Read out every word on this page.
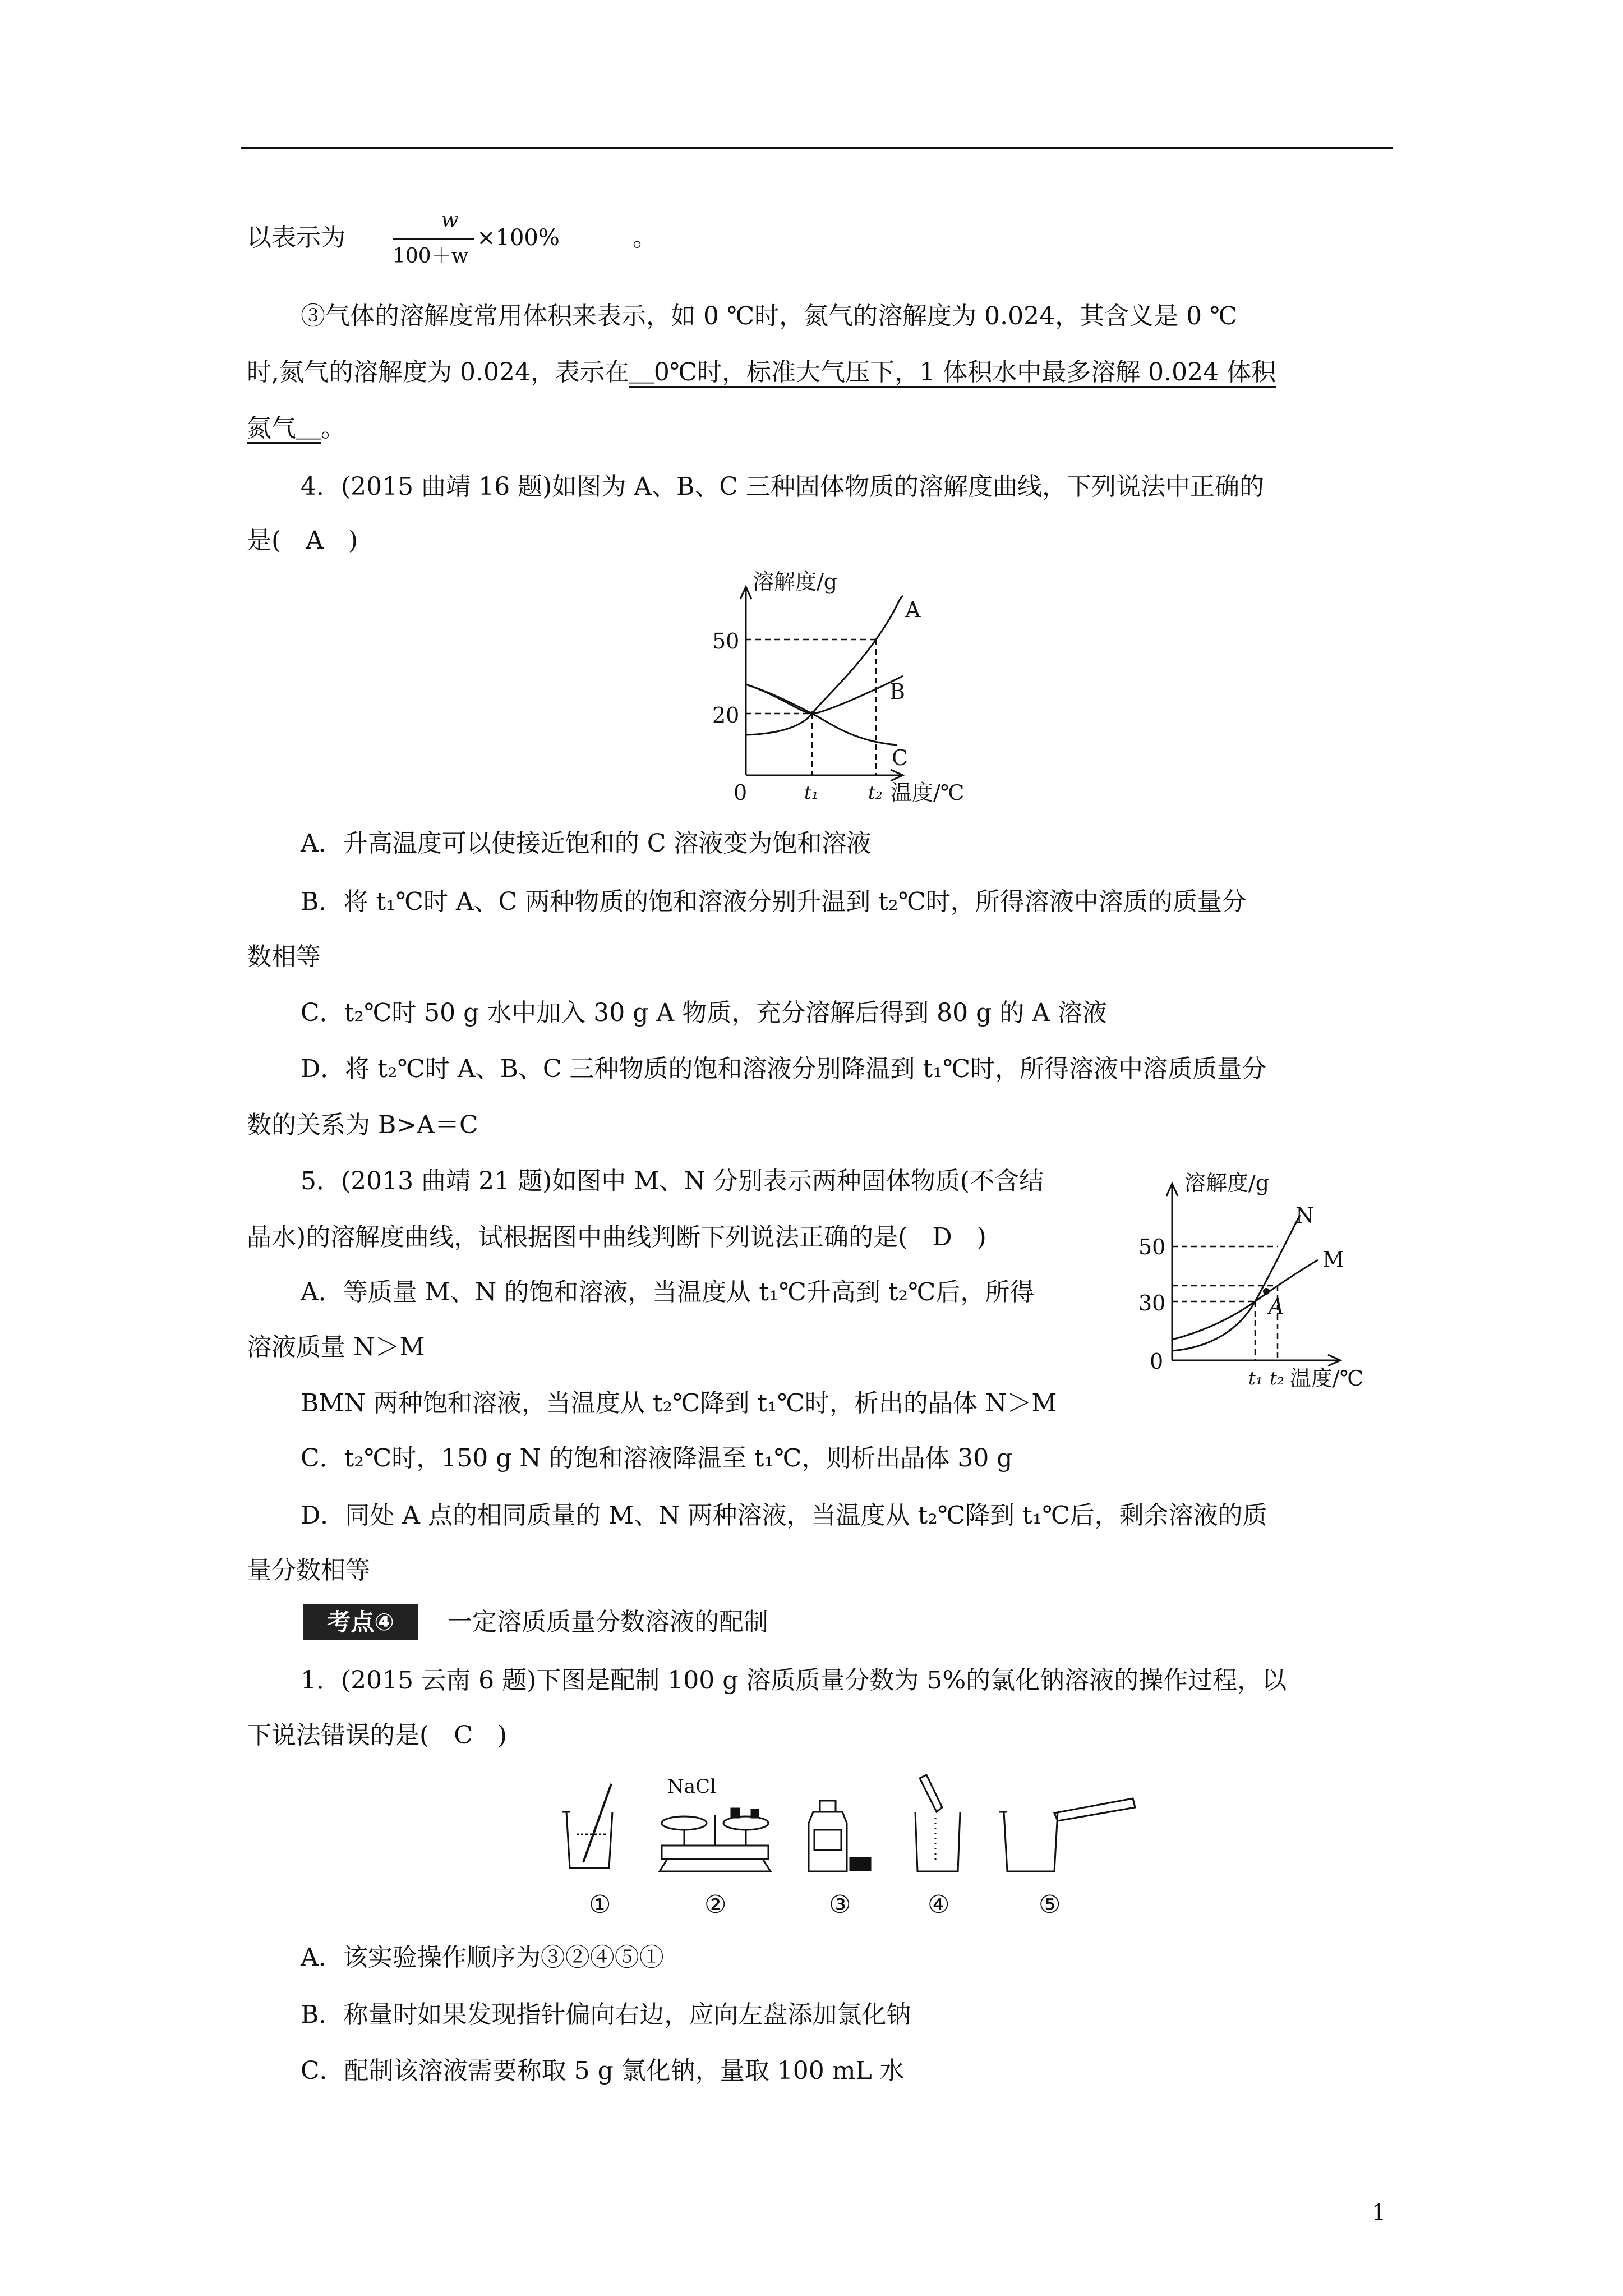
以表示为
w
100＋w
×100%	。
③气体的溶解度常用体积来表示，如 0 ℃时，氮气的溶解度为 0.024，其含义是 0 ℃
时,氮气的溶解度为 0.024，表示在＿0℃时，标准大气压下，1 体积水中最多溶解 0.024 体积
氮气＿。
4．(2015 曲靖 16 题)如图为 A、B、C 三种固体物质的溶解度曲线，下列说法中正确的
是(　A　)
溶解度/g
50
20
0	t₁	t₂ 温度/℃
A
B
C
A．升高温度可以使接近饱和的 C 溶液变为饱和溶液
B．将 t₁℃时 A、C 两种物质的饱和溶液分别升温到 t₂℃时，所得溶液中溶质的质量分
数相等
C．t₂℃时 50 g 水中加入 30 g A 物质，充分溶解后得到 80 g 的 A 溶液
D．将 t₂℃时 A、B、C 三种物质的饱和溶液分别降温到 t₁℃时，所得溶液中溶质质量分
数的关系为 B>A＝C
5．(2013 曲靖 21 题)如图中 M、N 分别表示两种固体物质(不含结
晶水)的溶解度曲线，试根据图中曲线判断下列说法正确的是(　D　)
A．等质量 M、N 的饱和溶液，当温度从 t₁℃升高到 t₂℃后，所得
溶液质量 N＞M
BMN 两种饱和溶液，当温度从 t₂℃降到 t₁℃时，析出的晶体 N＞M
C．t₂℃时，150 g N 的饱和溶液降温至 t₁℃，则析出晶体 30 g
D．同处 A 点的相同质量的 M、N 两种溶液，当温度从 t₂℃降到 t₁℃后，剩余溶液的质
量分数相等
溶解度/g
50
30
0
t₁ t₂ 温度/℃
N
M
A
考点④	一定溶质质量分数溶液的配制
1．(2015 云南 6 题)下图是配制 100 g 溶质质量分数为 5%的氯化钠溶液的操作过程，以
下说法错误的是(　C　)
NaCl
①	②	③	④	⑤
A．该实验操作顺序为③②④⑤①
B．称量时如果发现指针偏向右边，应向左盘添加氯化钠
C．配制该溶液需要称取 5 g 氯化钠，量取 100 mL 水
1
